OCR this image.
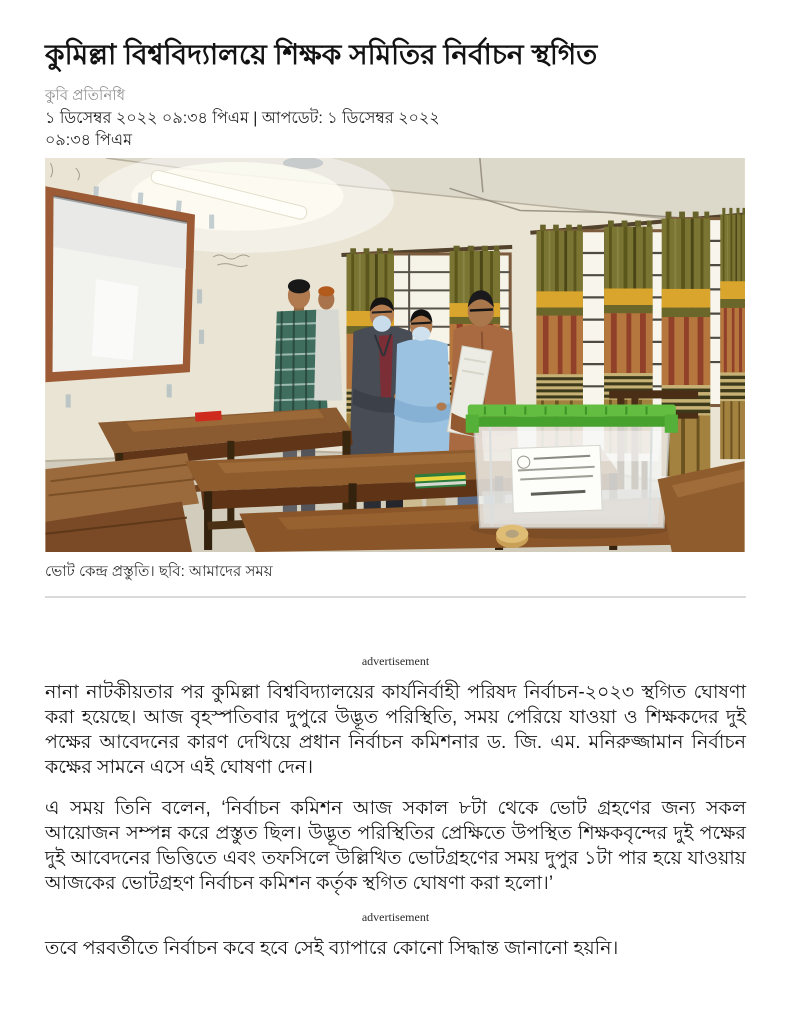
কুমিল্লা বিশ্ববিদ্যালয়ে শিক্ষক সমিতির নির্বাচন স্থগিত
কুবি প্রতিনিধি
১ ডিসেম্বর ২০২২ ০৯:৩৪ পিএম | আপডেট: ১ ডিসেম্বর ২০২২ ০৯:৩৪ পিএম
ভোট কেন্দ্র প্রস্তুতি। ছবি: আমাদের সময়
advertisement

নানা নাটকীয়তার পর কুমিল্লা বিশ্ববিদ্যালয়ের কার্যনির্বাহী পরিষদ নির্বাচন-২০২৩ স্থগিত ঘোষণা করা হয়েছে। আজ বৃহস্পতিবার দুপুরে উদ্ভূত পরিস্থিতি, সময় পেরিয়ে যাওয়া ও শিক্ষকদের দুই পক্ষের আবেদনের কারণ দেখিয়ে প্রধান নির্বাচন কমিশনার ড. জি. এম. মনিরুজ্জামান নির্বাচন কক্ষের সামনে এসে এই ঘোষণা দেন।

এ সময় তিনি বলেন, ‘নির্বাচন কমিশন আজ সকাল ৮টা থেকে ভোট গ্রহণের জন্য সকল আয়োজন সম্পন্ন করে প্রস্তুত ছিল। উদ্ভূত পরিস্থিতির প্রেক্ষিতে উপস্থিত শিক্ষকবৃন্দের দুই পক্ষের দুই আবেদনের ভিত্তিতে এবং তফসিলে উল্লিখিত ভোটগ্রহণের সময় দুপুর ১টা পার হয়ে যাওয়ায় আজকের ভোটগ্রহণ নির্বাচন কমিশন কর্তৃক স্থগিত ঘোষণা করা হলো।’

advertisement

তবে পরবর্তীতে নির্বাচন কবে হবে সেই ব্যাপারে কোনো সিদ্ধান্ত জানানো হয়নি।
